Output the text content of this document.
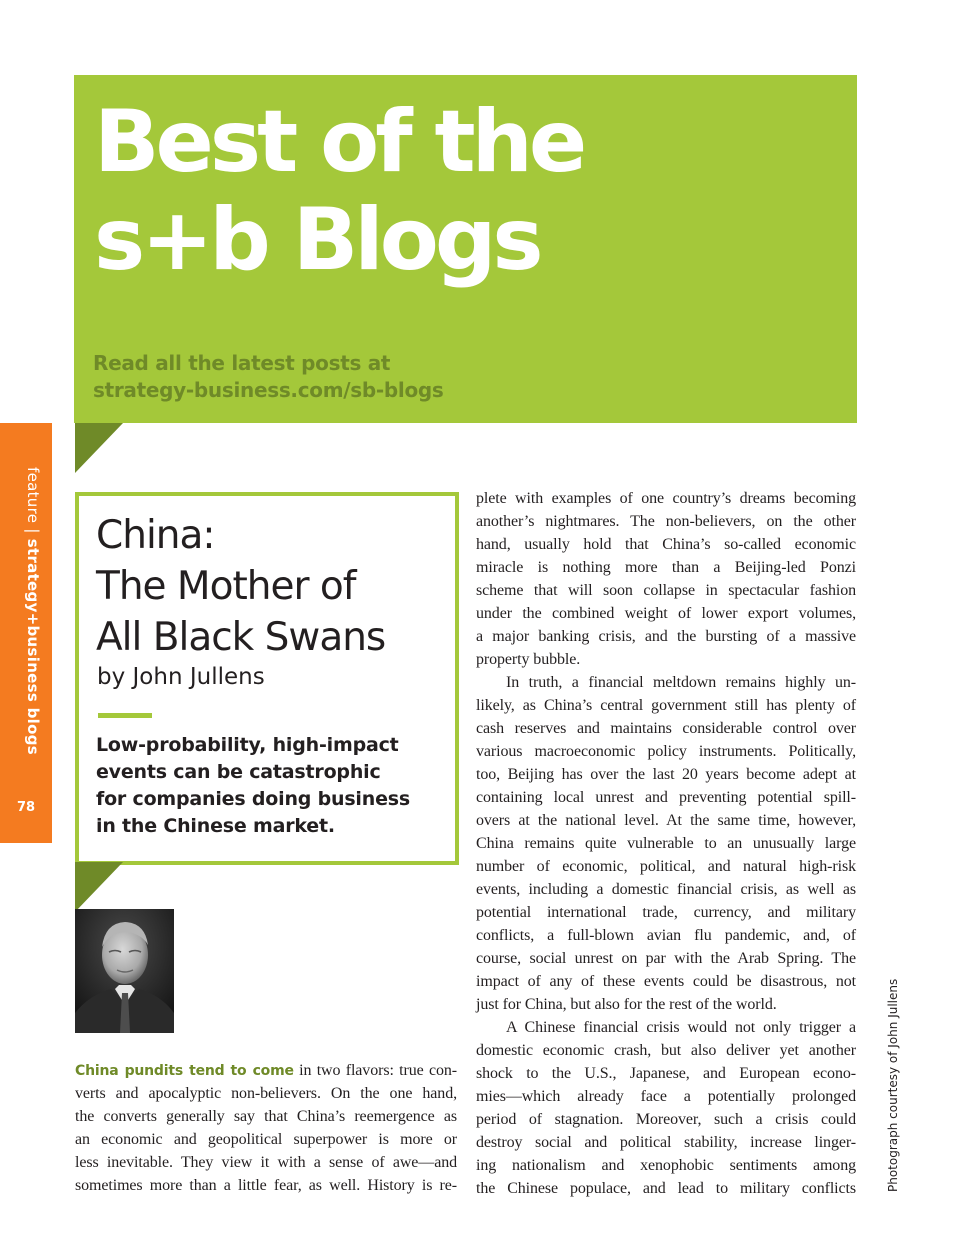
Best of the
s+b Blogs
Read all the latest posts at
strategy-business.com/sb-blogs
feature | strategy+business blogs
78
China:
The Mother of
All Black Swans
by John Jullens
Low-probability, high-impact
events can be catastrophic
for companies doing business
in the Chinese market.
China pundits tend to come in two flavors: true con-
verts and apocalyptic non-believers. On the one hand,
the converts generally say that China’s reemergence as
an economic and geopolitical superpower is more or
less inevitable. They view it with a sense of awe—and
sometimes more than a little fear, as well. History is re-
plete with examples of one country’s dreams becoming
another’s nightmares. The non-believers, on the other
hand, usually hold that China’s so-called economic
miracle is nothing more than a Beijing-led Ponzi
scheme that will soon collapse in spectacular fashion
under the combined weight of lower export volumes,
a major banking crisis, and the bursting of a massive
property bubble.
In truth, a financial meltdown remains highly un-
likely, as China’s central government still has plenty of
cash reserves and maintains considerable control over
various macroeconomic policy instruments. Politically,
too, Beijing has over the last 20 years become adept at
containing local unrest and preventing potential spill-
overs at the national level. At the same time, however,
China remains quite vulnerable to an unusually large
number of economic, political, and natural high-risk
events, including a domestic financial crisis, as well as
potential international trade, currency, and military
conflicts, a full-blown avian flu pandemic, and, of
course, social unrest on par with the Arab Spring. The
impact of any of these events could be disastrous, not
just for China, but also for the rest of the world.
A Chinese financial crisis would not only trigger a
domestic economic crash, but also deliver yet another
shock to the U.S., Japanese, and European econo-
mies—which already face a potentially prolonged
period of stagnation. Moreover, such a crisis could
destroy social and political stability, increase linger-
ing nationalism and xenophobic sentiments among
the Chinese populace, and lead to military conflicts	Photograph courtesy of John Jullens
